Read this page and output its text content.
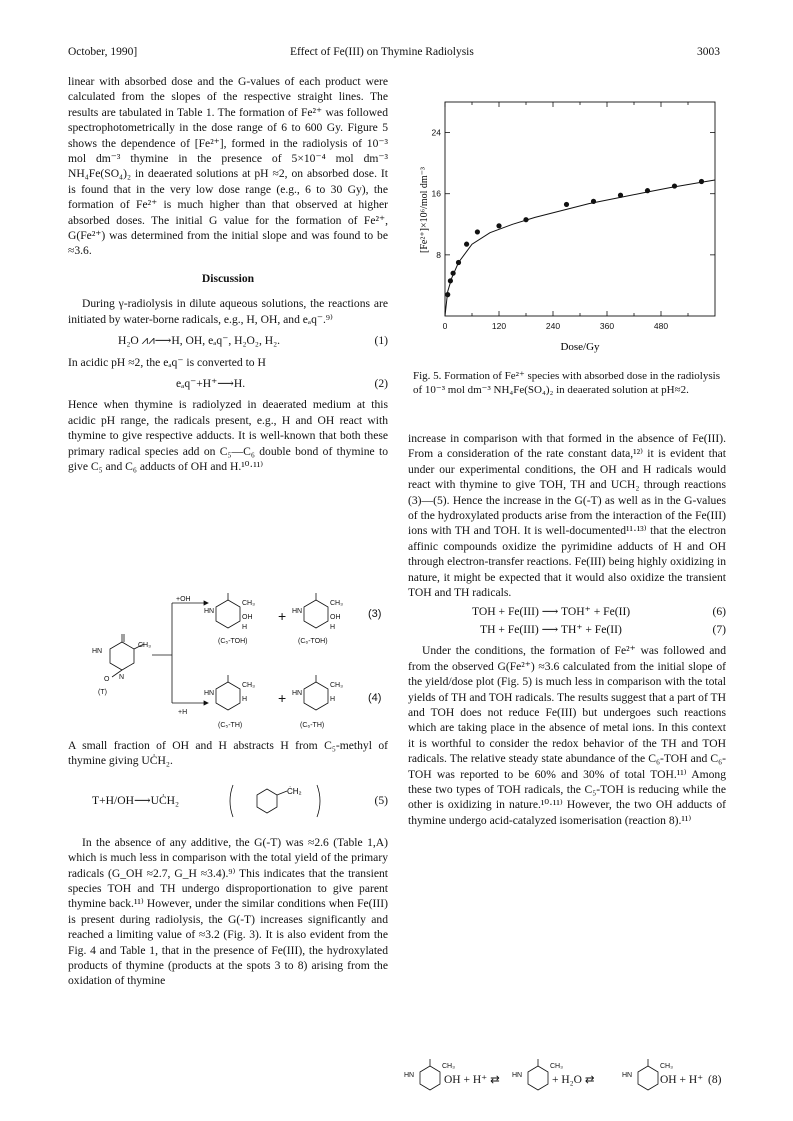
October, 1990]	Effect of Fe(III) on Thymine Radiolysis	3003

linear with absorbed dose and the G-values of each product were calculated from the slopes of the respective straight lines. The results are tabulated in Table 1. The formation of Fe²⁺ was followed spectrophotometrically in the dose range of 6 to 600 Gy. Figure 5 shows the dependence of [Fe²⁺], formed in the radiolysis of 10⁻³ mol dm⁻³ thymine in the presence of 5×10⁻⁴ mol dm⁻³ NH₄Fe(SO₄)₂ in deaerated solutions at pH ≈2, on absorbed dose. It is found that in the very low dose range (e.g., 6 to 30 Gy), the formation of Fe²⁺ is much higher than that observed at higher absorbed doses. The initial G value for the formation of Fe²⁺, G(Fe²⁺) was determined from the initial slope and was found to be ≈3.6.

Discussion

During γ-radiolysis in dilute aqueous solutions, the reactions are initiated by water-borne radicals, e.g., H, OH, and eₐq⁻.⁹⁾

H₂O ⩘⩘⟶H, OH, eₐq⁻, H₂O₂, H₂.	(1)

In acidic pH ≈2, the eₐq⁻ is converted to H

eₐq⁻+H⁺⟶H.	(2)

Hence when thymine is radiolyzed in deaerated medium at this acidic pH range, the radicals present, e.g., H and OH react with thymine to give respective adducts. It is well-known that both these primary radical species add on C₅—C₆ double bond of thymine to give C₅ and C₆ adducts of OH and H.¹⁰·¹¹⁾

HN
CH₃
O N
(T)
+OH
+H
HN
CH₃
OH
H
(C₅-TOH)
+ HN
CH₃
OH
H
(C₆-TOH)
(3)
HN
CH₃
H
(C₅-TH)
+ HN
CH₃
H
(C₆-TH)
(4)

A small fraction of OH and H abstracts H from C₅-methyl of thymine giving UĊH₂.

T+H/OH⟶UĊH₂
ĊH₂
(5)

In the absence of any additive, the G(-T) was ≈2.6 (Table 1,A) which is much less in comparison with the total yield of the primary radicals (G_OH ≈2.7, G_H ≈3.4).⁹⁾ This indicates that the transient species TOH and TH undergo disproportionation to give parent thymine back.¹¹⁾ However, under the similar conditions when Fe(III) is present during radiolysis, the G(-T) increases significantly and reached a limiting value of ≈3.2 (Fig. 3). It is also evident from the Fig. 4 and Table 1, that in the presence of Fe(III), the hydroxylated products of thymine (products at the spots 3 to 8) arising from the oxidation of thymine

0	120	240	360	480
8
16
24
Dose/Gy
[Fe²⁺]×10⁶/mol dm⁻³
Fig. 5. Formation of Fe²⁺ species with absorbed dose in the radiolysis of 10⁻³ mol dm⁻³ NH₄Fe(SO₄)₂ in deaerated solution at pH≈2.

increase in comparison with that formed in the absence of Fe(III). From a consideration of the rate constant data,¹²⁾ it is evident that under our experimental conditions, the OH and H radicals would react with thymine to give TOH, TH and UCH₂ through reactions (3)—(5). Hence the increase in the G(-T) as well as in the G-values of the hydroxylated products arise from the interaction of the Fe(III) ions with TH and TOH. It is well-documented¹¹·¹³⁾ that the electron affinic compounds oxidize the pyrimidine adducts of H and OH through electron-transfer reactions. Fe(III) being highly oxidizing in nature, it might be expected that it would also oxidize the transient TOH and TH radicals.

TOH + Fe(III) ⟶ TOH⁺ + Fe(II)	(6)
TH + Fe(III) ⟶ TH⁺ + Fe(II)	(7)

Under the conditions, the formation of Fe²⁺ was followed and from the observed G(Fe²⁺) ≈3.6 calculated from the initial slope of the yield/dose plot (Fig. 5) is much less in comparison with the total yields of TH and TOH radicals. The results suggest that a part of TH and TOH does not reduce Fe(III) but undergoes such reactions which are taking place in the absence of metal ions. In this context it is worthful to consider the redox behavior of the TH and TOH radicals. The relative steady state abundance of the C₆-TOH and C₆-TOH was reported to be 60% and 30% of total TOH.¹¹⁾ Among these two types of TOH radicals, the C₅-TOH is reducing while the other is oxidizing in nature.¹⁰·¹¹⁾ However, the two OH adducts of thymine undergo acid-catalyzed isomerisation (reaction 8).¹¹⁾

HN
CH₃
HN
CH₃
HN
CH₃
OH + H⁺ ⇄	+ H₂O ⇄	OH + H⁺ (8)
